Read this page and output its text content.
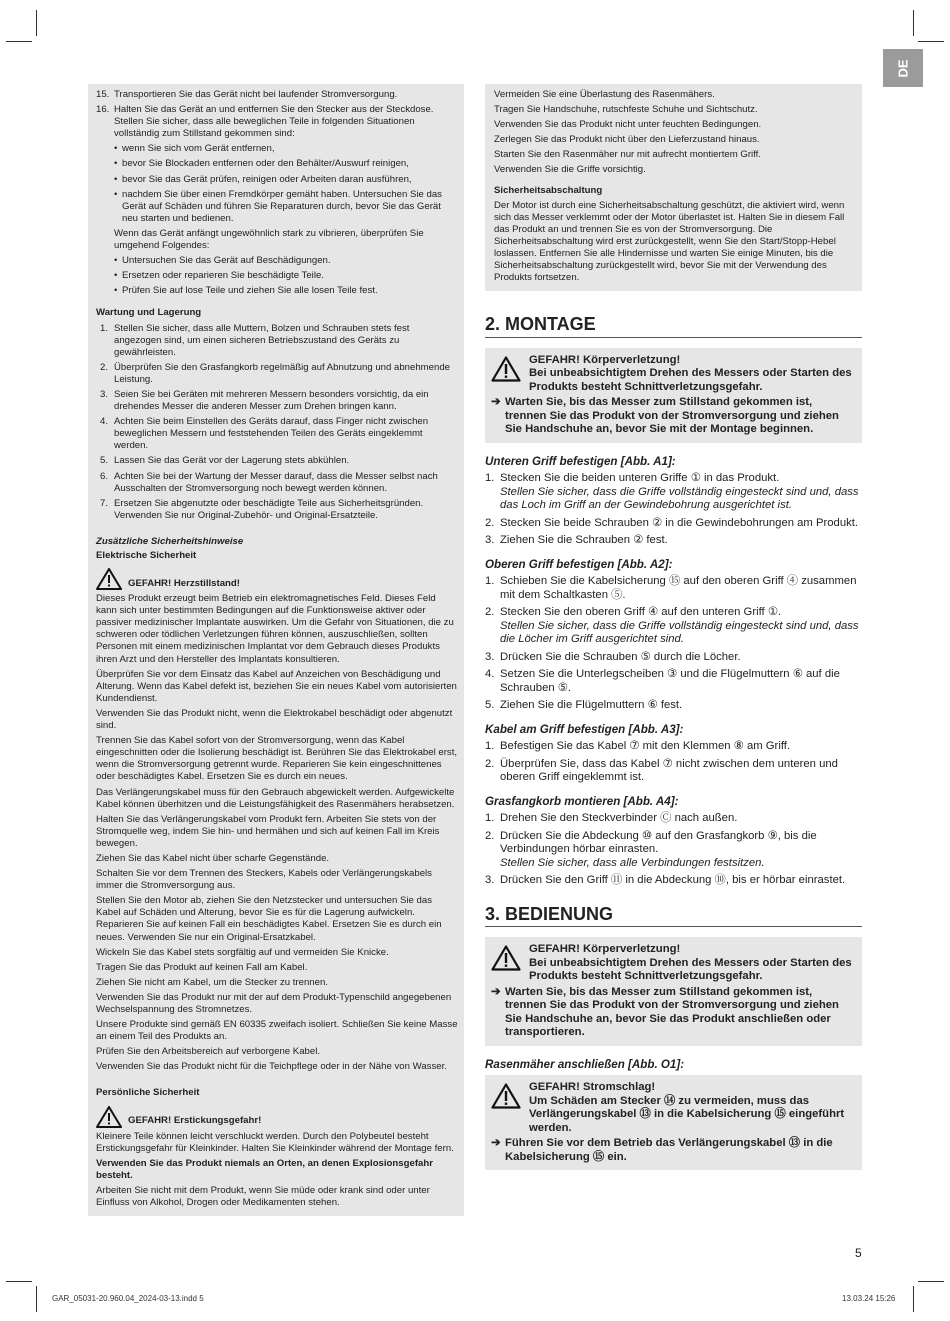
DE
15. Transportieren Sie das Gerät nicht bei laufender Stromversorgung.
16. Halten Sie das Gerät an und entfernen Sie den Stecker aus der Steckdose. Stellen Sie sicher, dass alle beweglichen Teile in folgenden Situationen vollständig zum Stillstand gekommen sind:
• wenn Sie sich vom Gerät entfernen,
• bevor Sie Blockaden entfernen oder den Behälter/Auswurf reinigen,
• bevor Sie das Gerät prüfen, reinigen oder Arbeiten daran ausführen,
• nachdem Sie über einen Fremdkörper gemäht haben. Untersuchen Sie das Gerät auf Schäden und führen Sie Reparaturen durch, bevor Sie das Gerät neu starten und bedienen.

Wenn das Gerät anfängt ungewöhnlich stark zu vibrieren, überprüfen Sie umgehend Folgendes:

• Untersuchen Sie das Gerät auf Beschädigungen.
• Ersetzen oder reparieren Sie beschädigte Teile.
• Prüfen Sie auf lose Teile und ziehen Sie alle losen Teile fest.
Wartung und Lagerung
1. Stellen Sie sicher, dass alle Muttern, Bolzen und Schrauben stets fest angezogen sind, um einen sicheren Betriebszustand des Geräts zu gewährleisten.
2. Überprüfen Sie den Grasfangkorb regelmäßig auf Abnutzung und abnehmende Leistung.
3. Seien Sie bei Geräten mit mehreren Messern besonders vorsichtig, da ein drehendes Messer die anderen Messer zum Drehen bringen kann.
4. Achten Sie beim Einstellen des Geräts darauf, dass Finger nicht zwischen beweglichen Messern und feststehenden Teilen des Geräts eingeklemmt werden.
5. Lassen Sie das Gerät vor der Lagerung stets abkühlen.
6. Achten Sie bei der Wartung der Messer darauf, dass die Messer selbst nach Ausschalten der Stromversorgung noch bewegt werden können.
7. Ersetzen Sie abgenutzte oder beschädigte Teile aus Sicherheitsgründen. Verwenden Sie nur Original-Zubehör- und Original-Ersatzteile.
Zusätzliche Sicherheitshinweise
Elektrische Sicherheit
GEFAHR! Herzstillstand!

Dieses Produkt erzeugt beim Betrieb ein elektromagnetisches Feld. Dieses Feld kann sich unter bestimmten Bedingungen auf die Funktionsweise aktiver oder passiver medizinischer Implantate auswirken. Um die Gefahr von Situationen, die zu schweren oder tödlichen Verletzungen führen können, auszuschließen, sollten Personen mit einem medizinischen Implantat vor dem Gebrauch dieses Produkts ihren Arzt und den Hersteller des Implantats konsultieren.

Überprüfen Sie vor dem Einsatz das Kabel auf Anzeichen von Beschädigung und Alterung. Wenn das Kabel defekt ist, beziehen Sie ein neues Kabel vom autorisierten Kundendienst.

Verwenden Sie das Produkt nicht, wenn die Elektrokabel beschädigt oder abgenutzt sind.

Trennen Sie das Kabel sofort von der Stromversorgung, wenn das Kabel eingeschnitten oder die Isolierung beschädigt ist. Berühren Sie das Elektrokabel erst, wenn die Stromversorgung getrennt wurde. Reparieren Sie kein eingeschnittenes oder beschädigtes Kabel. Ersetzen Sie es durch ein neues.

Das Verlängerungskabel muss für den Gebrauch abgewickelt werden. Aufgewickelte Kabel können überhitzen und die Leistungsfähigkeit des Rasenmähers herabsetzen.

Halten Sie das Verlängerungskabel vom Produkt fern. Arbeiten Sie stets von der Stromquelle weg, indem Sie hin- und hermähen und sich auf keinen Fall im Kreis bewegen.

Ziehen Sie das Kabel nicht über scharfe Gegenstände.

Schalten Sie vor dem Trennen des Steckers, Kabels oder Verlängerungskabels immer die Stromversorgung aus.

Stellen Sie den Motor ab, ziehen Sie den Netzstecker und untersuchen Sie das Kabel auf Schäden und Alterung, bevor Sie es für die Lagerung aufwickeln. Reparieren Sie auf keinen Fall ein beschädigtes Kabel. Ersetzen Sie es durch ein neues. Verwenden Sie nur ein Original-Ersatzkabel.

Wickeln Sie das Kabel stets sorgfältig auf und vermeiden Sie Knicke.

Tragen Sie das Produkt auf keinen Fall am Kabel.

Ziehen Sie nicht am Kabel, um die Stecker zu trennen.

Verwenden Sie das Produkt nur mit der auf dem Produkt-Typenschild angegebenen Wechselspannung des Stromnetzes.

Unsere Produkte sind gemäß EN 60335 zweifach isoliert. Schließen Sie keine Masse an einem Teil des Produkts an.

Prüfen Sie den Arbeitsbereich auf verborgene Kabel.

Verwenden Sie das Produkt nicht für die Teichpflege oder in der Nähe von Wasser.

Persönliche Sicherheit
GEFAHR! Erstickungsgefahr!

Kleinere Teile können leicht verschluckt werden. Durch den Polybeutel besteht Erstickungsgefahr für Kleinkinder. Halten Sie Kleinkinder während der Montage fern.

Verwenden Sie das Produkt niemals an Orten, an denen Explosionsgefahr besteht.

Arbeiten Sie nicht mit dem Produkt, wenn Sie müde oder krank sind oder unter Einfluss von Alkohol, Drogen oder Medikamenten stehen.

Vermeiden Sie eine Überlastung des Rasenmähers.

Tragen Sie Handschuhe, rutschfeste Schuhe und Sichtschutz.

Verwenden Sie das Produkt nicht unter feuchten Bedingungen.

Zerlegen Sie das Produkt nicht über den Lieferzustand hinaus.

Starten Sie den Rasenmäher nur mit aufrecht montiertem Griff.

Verwenden Sie die Griffe vorsichtig.

Sicherheitsabschaltung

Der Motor ist durch eine Sicherheitsabschaltung geschützt, die aktiviert wird, wenn sich das Messer verklemmt oder der Motor überlastet ist. Halten Sie in diesem Fall das Produkt an und trennen Sie es von der Stromversorgung. Die Sicherheitsabschaltung wird erst zurückgestellt, wenn Sie den Start/Stopp-Hebel loslassen. Entfernen Sie alle Hindernisse und warten Sie einige Minuten, bis die Sicherheitsabschaltung zurückgestellt wird, bevor Sie mit der Verwendung des Produkts fortsetzen.

2. MONTAGE
GEFAHR! Körperverletzung!
Bei unbeabsichtigtem Drehen des Messers oder Starten des Produkts besteht Schnittverletzungsgefahr.
➔ Warten Sie, bis das Messer zum Stillstand gekommen ist, trennen Sie das Produkt von der Stromversorgung und ziehen Sie Handschuhe an, bevor Sie mit der Montage beginnen.
Unteren Griff befestigen [Abb. A1]:
1. Stecken Sie die beiden unteren Griffe ① in das Produkt.
Stellen Sie sicher, dass die Griffe vollständig eingesteckt sind und, dass das Loch im Griff an der Gewindebohrung ausgerichtet ist.
2. Stecken Sie beide Schrauben ② in die Gewindebohrungen am Produkt.
3. Ziehen Sie die Schrauben ② fest.
Oberen Griff befestigen [Abb. A2]:
1. Schieben Sie die Kabelsicherung ⑮ auf den oberen Griff ④ zusammen mit dem Schaltkasten ⑤.
2. Stecken Sie den oberen Griff ④ auf den unteren Griff ①.
Stellen Sie sicher, dass die Griffe vollständig eingesteckt sind und, dass die Löcher im Griff ausgerichtet sind.
3. Drücken Sie die Schrauben ⑤ durch die Löcher.
4. Setzen Sie die Unterlegscheiben ③ und die Flügelmuttern ⑥ auf die Schrauben ⑤.
5. Ziehen Sie die Flügelmuttern ⑥ fest.
Kabel am Griff befestigen [Abb. A3]:
1. Befestigen Sie das Kabel ⑦ mit den Klemmen ⑧ am Griff.
2. Überprüfen Sie, dass das Kabel ⑦ nicht zwischen dem unteren und oberen Griff eingeklemmt ist.
Grasfangkorb montieren [Abb. A4]:
1. Drehen Sie den Steckverbinder Ⓒ nach außen.
2. Drücken Sie die Abdeckung ⑩ auf den Grasfangkorb ⑨, bis die Verbindungen hörbar einrasten.
Stellen Sie sicher, dass alle Verbindungen festsitzen.
3. Drücken Sie den Griff ⑪ in die Abdeckung ⑩, bis er hörbar einrastet.
3. BEDIENUNG
GEFAHR! Körperverletzung!
Bei unbeabsichtigtem Drehen des Messers oder Starten des Produkts besteht Schnittverletzungsgefahr.
➔ Warten Sie, bis das Messer zum Stillstand gekommen ist, trennen Sie das Produkt von der Stromversorgung und ziehen Sie Handschuhe an, bevor Sie das Produkt anschließen oder transportieren.
Rasenmäher anschließen [Abb. O1]:
GEFAHR! Stromschlag!
Um Schäden am Stecker ⑭ zu vermeiden, muss das Verlängerungskabel ⑬ in die Kabelsicherung ⑮ eingeführt werden.
➔ Führen Sie vor dem Betrieb das Verlängerungskabel ⑬ in die Kabelsicherung ⑮ ein.
5
GAR_05031-20.960.04_2024-03-13.indd 5	13.03.24 15:26
